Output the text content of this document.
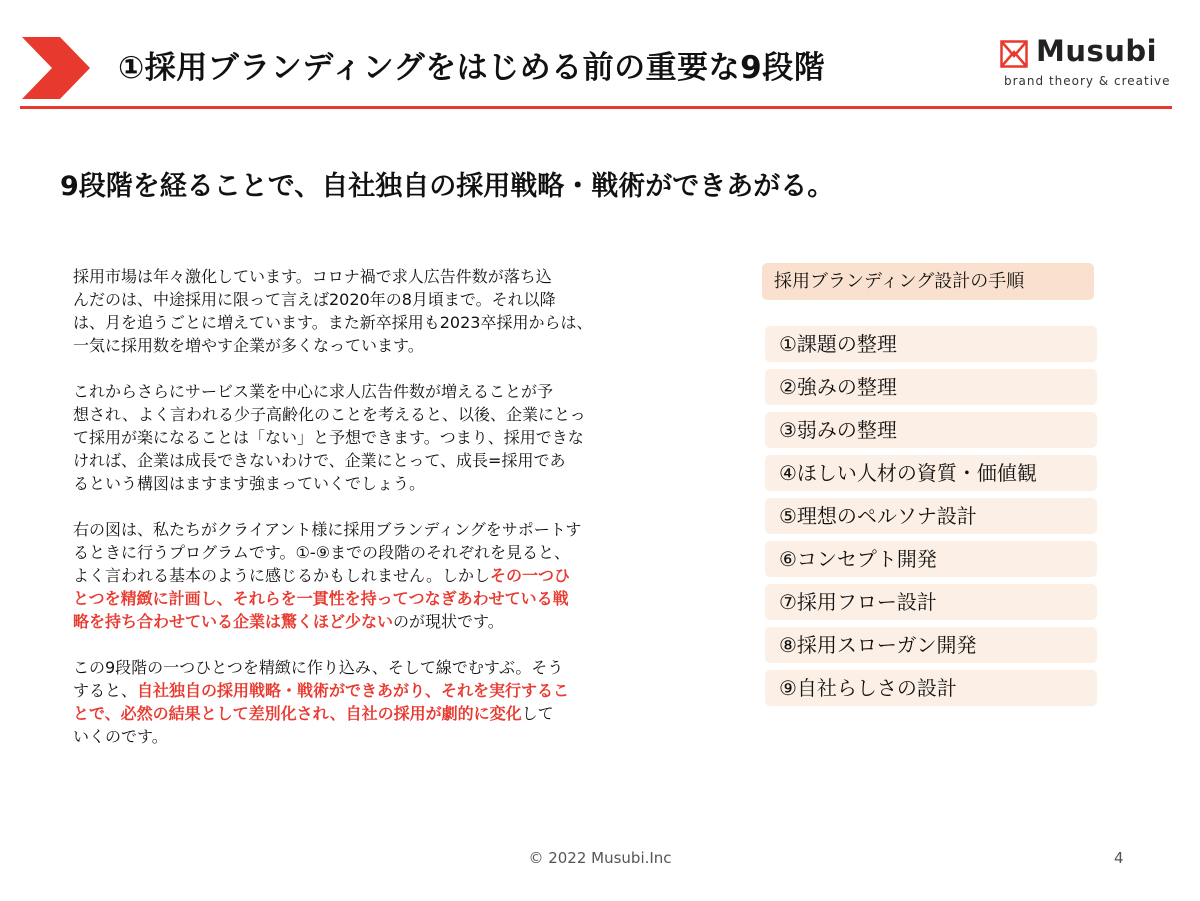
①採用ブランディングをはじめる前の重要な9段階	Musubi
brand theory & creative
9段階を経ることで、自社独自の採用戦略・戦術ができあがる。
採用市場は年々激化しています。コロナ禍で求人広告件数が落ち込
んだのは、中途採用に限って言えば2020年の8月頃まで。それ以降
は、月を追うごとに増えています。また新卒採用も2023卒採用からは、
一気に採用数を増やす企業が多くなっています。
これからさらにサービス業を中心に求人広告件数が増えることが予
想され、よく言われる少子高齢化のことを考えると、以後、企業にとっ
て採用が楽になることは「ない」と予想できます。つまり、採用できな
ければ、企業は成長できないわけで、企業にとって、成長=採用であ
るという構図はますます強まっていくでしょう。
右の図は、私たちがクライアント様に採用ブランディングをサポートす
るときに行うプログラムです。①-⑨までの段階のそれぞれを見ると、
よく言われる基本のように感じるかもしれません。しかしその一つひ
とつを精緻に計画し、それらを一貫性を持ってつなぎあわせている戦
略を持ち合わせている企業は驚くほど少ないのが現状です。
この9段階の一つひとつを精緻に作り込み、そして線でむすぶ。そう
すると、自社独自の採用戦略・戦術ができあがり、それを実行するこ
とで、必然の結果として差別化され、自社の採用が劇的に変化して
いくのです。
採用ブランディング設計の手順
①課題の整理
②強みの整理
③弱みの整理
④ほしい人材の資質・価値観
⑤理想のペルソナ設計
⑥コンセプト開発
⑦採用フロー設計
⑧採用スローガン開発
⑨自社らしさの設計
© 2022 Musubi.Inc	4
